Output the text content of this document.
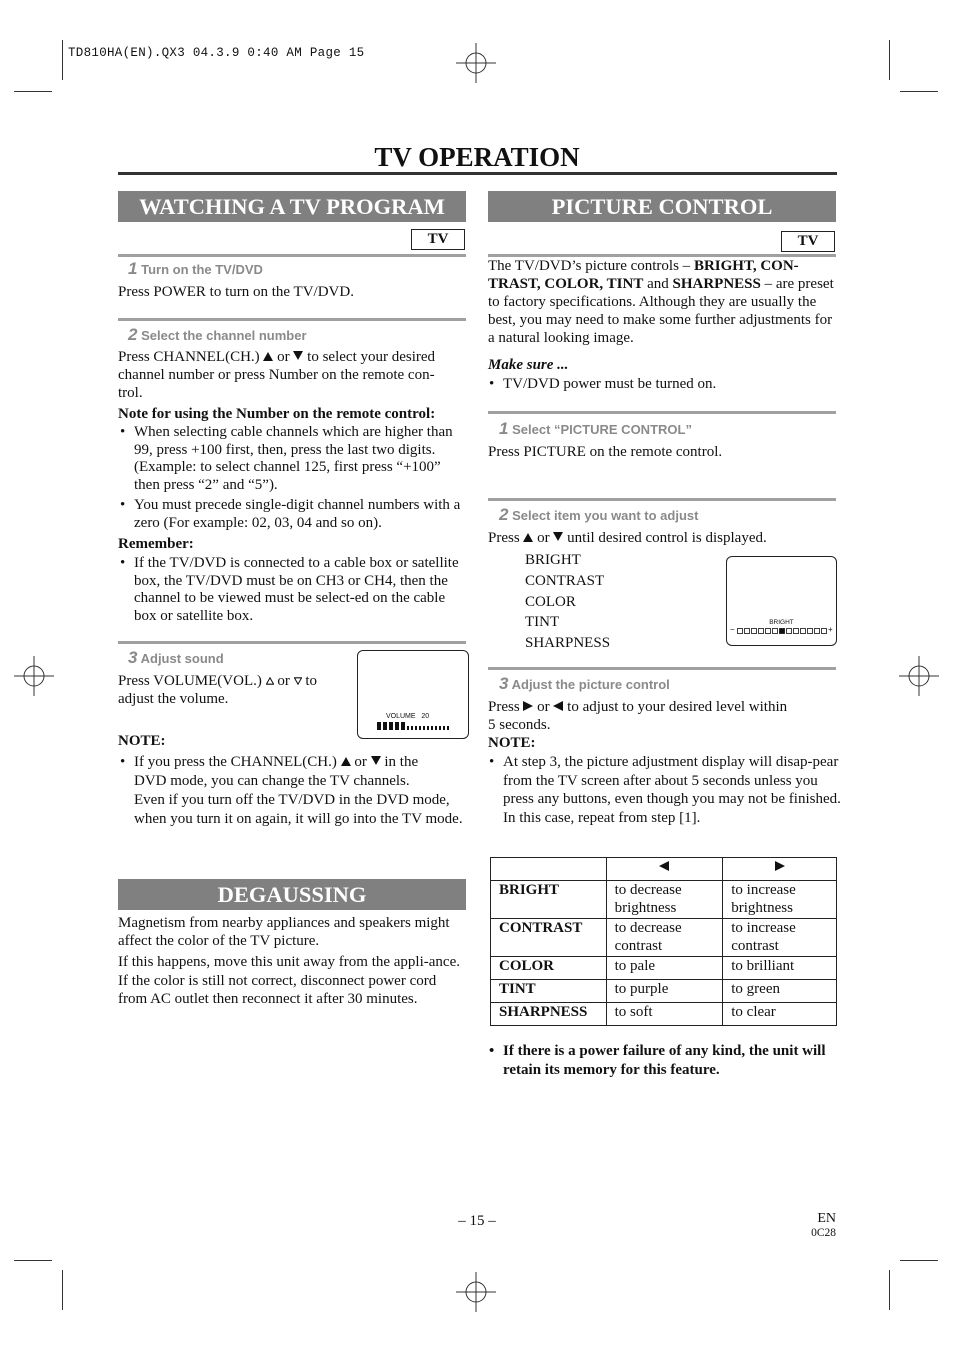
TD810HA(EN).QX3 04.3.9 0:40 AM Page 15
TV OPERATION
WATCHING A TV PROGRAM
TV
1 Turn on the TV/DVD
Press POWER to turn on the TV/DVD.
2 Select the channel number
Press CHANNEL(CH.) or to select your desired
channel number or press Number on the remote con-
trol.
Note for using the Number on the remote control:
• When selecting cable channels which are higher than 99, press +100 first, then, press the last two digits. (Example: to select channel 125, first press “+100” then press “2” and “5”).
• You must precede single-digit channel numbers with a zero (For example: 02, 03, 04 and so on).
Remember:
• If the TV/DVD is connected to a cable box or satellite box, the TV/DVD must be on CH3 or CH4, then the channel to be viewed must be select-ed on the cable box or satellite box.
3 Adjust sound
Press VOLUME(VOL.) or to
adjust the volume.
VOLUME 20
NOTE:
• If you press the CHANNEL(CH.) or in the
DVD mode, you can change the TV channels.
Even if you turn off the TV/DVD in the DVD mode, when you turn it on again, it will go into the TV mode.
DEGAUSSING
Magnetism from nearby appliances and speakers might affect the color of the TV picture.
If this happens, move this unit away from the appli-ance. If the color is still not correct, disconnect power cord from AC outlet then reconnect it after 30 minutes.
PICTURE CONTROL
TV
The TV/DVD’s picture controls – BRIGHT, CON-TRAST, COLOR, TINT and SHARPNESS – are preset to factory specifications. Although they are usually the best, you may need to make some further adjustments for a natural looking image.
Make sure ...
• TV/DVD power must be turned on.
1 Select “PICTURE CONTROL”
Press PICTURE on the remote control.
2 Select item you want to adjust
Press or until desired control is displayed.
BRIGHT
CONTRAST
COLOR
TINT
SHARPNESS
BRIGHT
−	+
3 Adjust the picture control
Press or to adjust to your desired level within
5 seconds.
NOTE:
• At step 3, the picture adjustment display will disap-pear from the TV screen after about 5 seconds unless you press any buttons, even though you may not be finished. In this case, repeat from step [1].

BRIGHT	to decrease brightness	to increase brightness
CONTRAST	to decrease contrast	to increase contrast
COLOR	to pale	to brilliant
TINT	to purple	to green
SHARPNESS	to soft	to clear
• If there is a power failure of any kind, the unit will retain its memory for this feature.
– 15 –	EN
0C28
